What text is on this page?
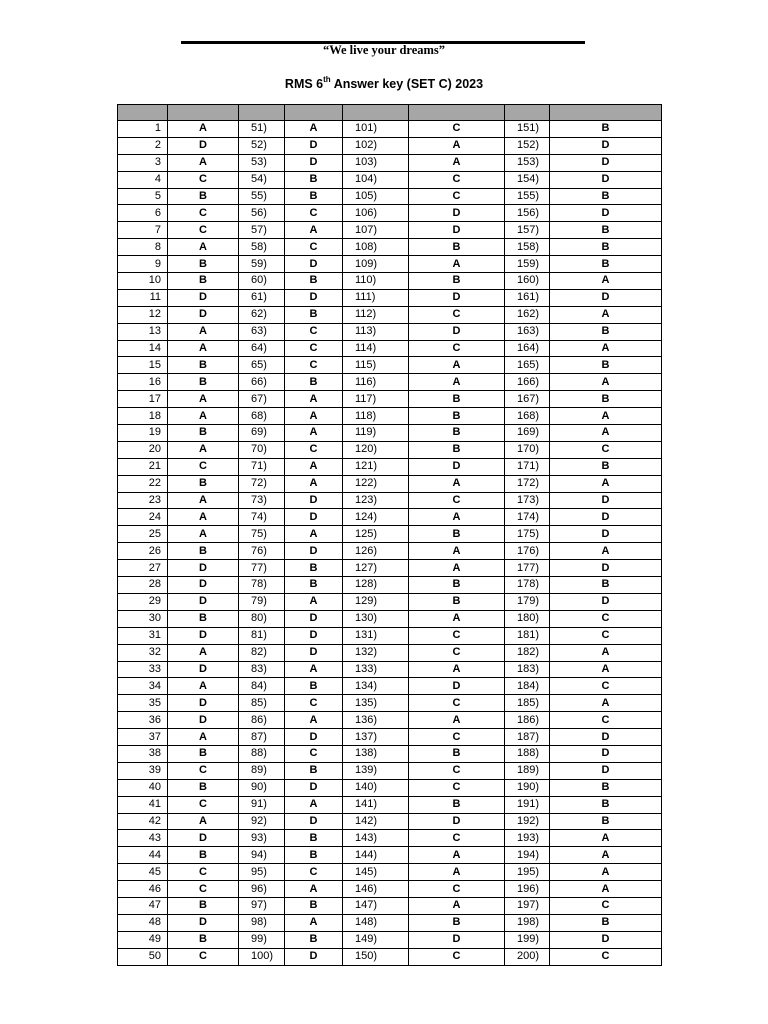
“We live your dreams”
RMS 6th Answer key (SET C) 2023

1	A	51)	A	101)	C	151)	B
2	D	52)	D	102)	A	152)	D
3	A	53)	D	103)	A	153)	D
4	C	54)	B	104)	C	154)	D
5	B	55)	B	105)	C	155)	B
6	C	56)	C	106)	D	156)	D
7	C	57)	A	107)	D	157)	B
8	A	58)	C	108)	B	158)	B
9	B	59)	D	109)	A	159)	B
10	B	60)	B	110)	B	160)	A
11	D	61)	D	111)	D	161)	D
12	D	62)	B	112)	C	162)	A
13	A	63)	C	113)	D	163)	B
14	A	64)	C	114)	C	164)	A
15	B	65)	C	115)	A	165)	B
16	B	66)	B	116)	A	166)	A
17	A	67)	A	117)	B	167)	B
18	A	68)	A	118)	B	168)	A
19	B	69)	A	119)	B	169)	A
20	A	70)	C	120)	B	170)	C
21	C	71)	A	121)	D	171)	B
22	B	72)	A	122)	A	172)	A
23	A	73)	D	123)	C	173)	D
24	A	74)	D	124)	A	174)	D
25	A	75)	A	125)	B	175)	D
26	B	76)	D	126)	A	176)	A
27	D	77)	B	127)	A	177)	D
28	D	78)	B	128)	B	178)	B
29	D	79)	A	129)	B	179)	D
30	B	80)	D	130)	A	180)	C
31	D	81)	D	131)	C	181)	C
32	A	82)	D	132)	C	182)	A
33	D	83)	A	133)	A	183)	A
34	A	84)	B	134)	D	184)	C
35	D	85)	C	135)	C	185)	A
36	D	86)	A	136)	A	186)	C
37	A	87)	D	137)	C	187)	D
38	B	88)	C	138)	B	188)	D
39	C	89)	B	139)	C	189)	D
40	B	90)	D	140)	C	190)	B
41	C	91)	A	141)	B	191)	B
42	A	92)	D	142)	D	192)	B
43	D	93)	B	143)	C	193)	A
44	B	94)	B	144)	A	194)	A
45	C	95)	C	145)	A	195)	A
46	C	96)	A	146)	C	196)	A
47	B	97)	B	147)	A	197)	C
48	D	98)	A	148)	B	198)	B
49	B	99)	B	149)	D	199)	D
50	C	100)	D	150)	C	200)	C
